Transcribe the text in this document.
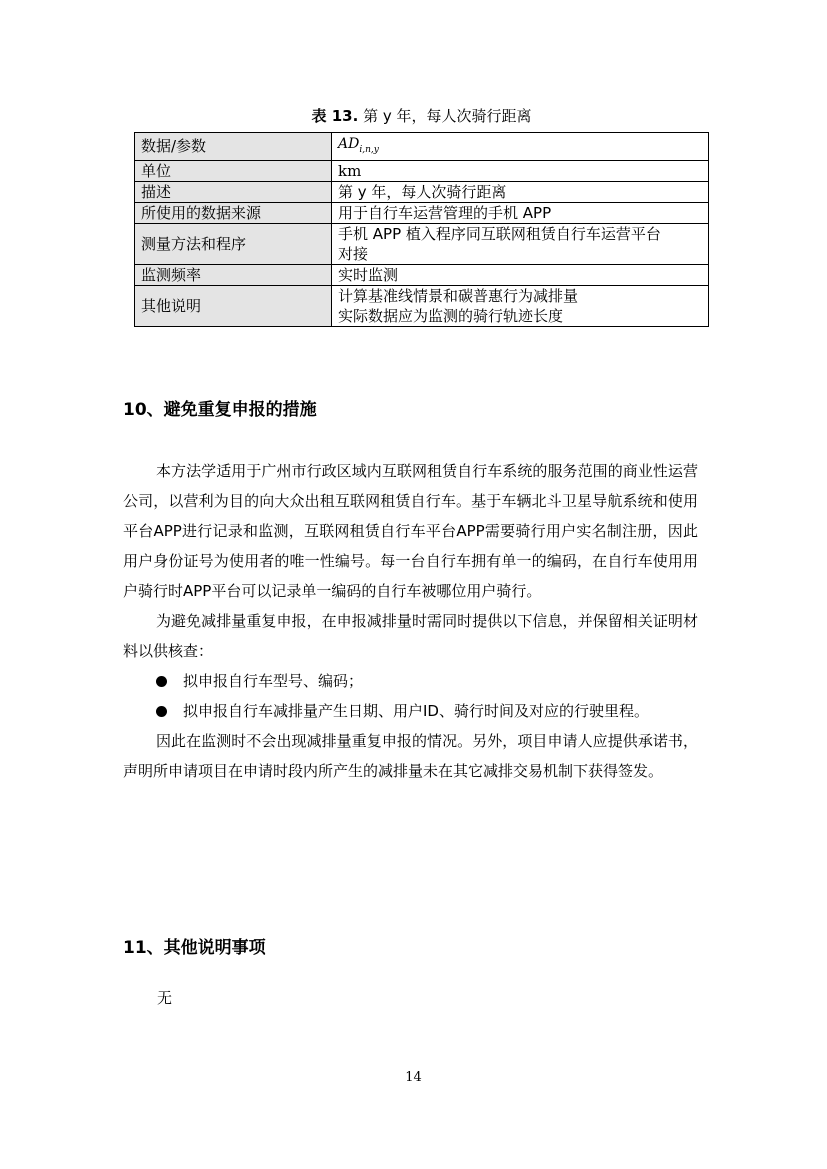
表 13. 第 y 年，每人次骑行距离
数据/参数	$AD_{i,n,y}$
单位	km
描述	第 y 年，每人次骑行距离
所使用的数据来源	用于自行车运营管理的手机 APP
测量方法和程序	手机 APP 植入程序同互联网租赁自行车运营平台
对接

监测频率	实时监测
其他说明	计算基准线情景和碳普惠行为减排量
实际数据应为监测的骑行轨迹长度
10、避免重复申报的措施

本方法学适用于广州市行政区域内互联网租赁自行车系统的服务范围的商业性运营公司，以营利为目的向大众出租互联网租赁自行车。基于车辆北斗卫星导航系统和使用平台APP进行记录和监测，互联网租赁自行车平台APP需要骑行用户实名制注册，因此用户身份证号为使用者的唯一性编号。每一台自行车拥有单一的编码，在自行车使用用户骑行时APP平台可以记录单一编码的自行车被哪位用户骑行。

为避免减排量重复申报，在申报减排量时需同时提供以下信息，并保留相关证明材料以供核查：

拟申报自行车型号、编码；

拟申报自行车减排量产生日期、用户ID、骑行时间及对应的行驶里程。

因此在监测时不会出现减排量重复申报的情况。另外，项目申请人应提供承诺书，声明所申请项目在申请时段内所产生的减排量未在其它减排交易机制下获得签发。

11、其他说明事项
无
14
